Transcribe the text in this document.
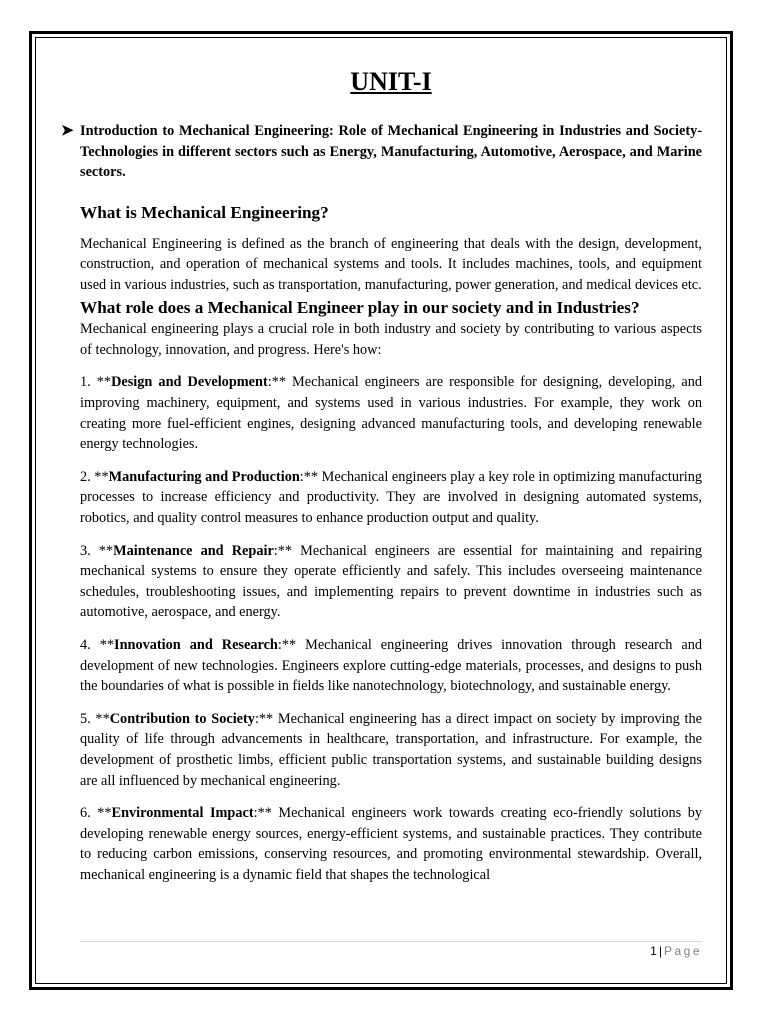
UNIT-I
➤ Introduction to Mechanical Engineering: Role of Mechanical Engineering in Industries and Society- Technologies in different sectors such as Energy, Manufacturing, Automotive, Aerospace, and Marine sectors.
What is Mechanical Engineering?

Mechanical Engineering is defined as the branch of engineering that deals with the design, development, construction, and operation of mechanical systems and tools. It includes machines, tools, and equipment used in various industries, such as transportation, manufacturing, power generation, and medical devices etc.

What role does a Mechanical Engineer play in our society and in Industries?

Mechanical engineering plays a crucial role in both industry and society by contributing to various aspects of technology, innovation, and progress. Here's how:

1. **Design and Development:** Mechanical engineers are responsible for designing, developing, and improving machinery, equipment, and systems used in various industries. For example, they work on creating more fuel-efficient engines, designing advanced manufacturing tools, and developing renewable energy technologies.

2. **Manufacturing and Production:** Mechanical engineers play a key role in optimizing manufacturing processes to increase efficiency and productivity. They are involved in designing automated systems, robotics, and quality control measures to enhance production output and quality.

3. **Maintenance and Repair:** Mechanical engineers are essential for maintaining and repairing mechanical systems to ensure they operate efficiently and safely. This includes overseeing maintenance schedules, troubleshooting issues, and implementing repairs to prevent downtime in industries such as automotive, aerospace, and energy.

4. **Innovation and Research:** Mechanical engineering drives innovation through research and development of new technologies. Engineers explore cutting-edge materials, processes, and designs to push the boundaries of what is possible in fields like nanotechnology, biotechnology, and sustainable energy.

5. **Contribution to Society:** Mechanical engineering has a direct impact on society by improving the quality of life through advancements in healthcare, transportation, and infrastructure. For example, the development of prosthetic limbs, efficient public transportation systems, and sustainable building designs are all influenced by mechanical engineering.

6. **Environmental Impact:** Mechanical engineers work towards creating eco-friendly solutions by developing renewable energy sources, energy-efficient systems, and sustainable practices. They contribute to reducing carbon emissions, conserving resources, and promoting environmental stewardship. Overall, mechanical engineering is a dynamic field that shapes the technological

1 | Page
